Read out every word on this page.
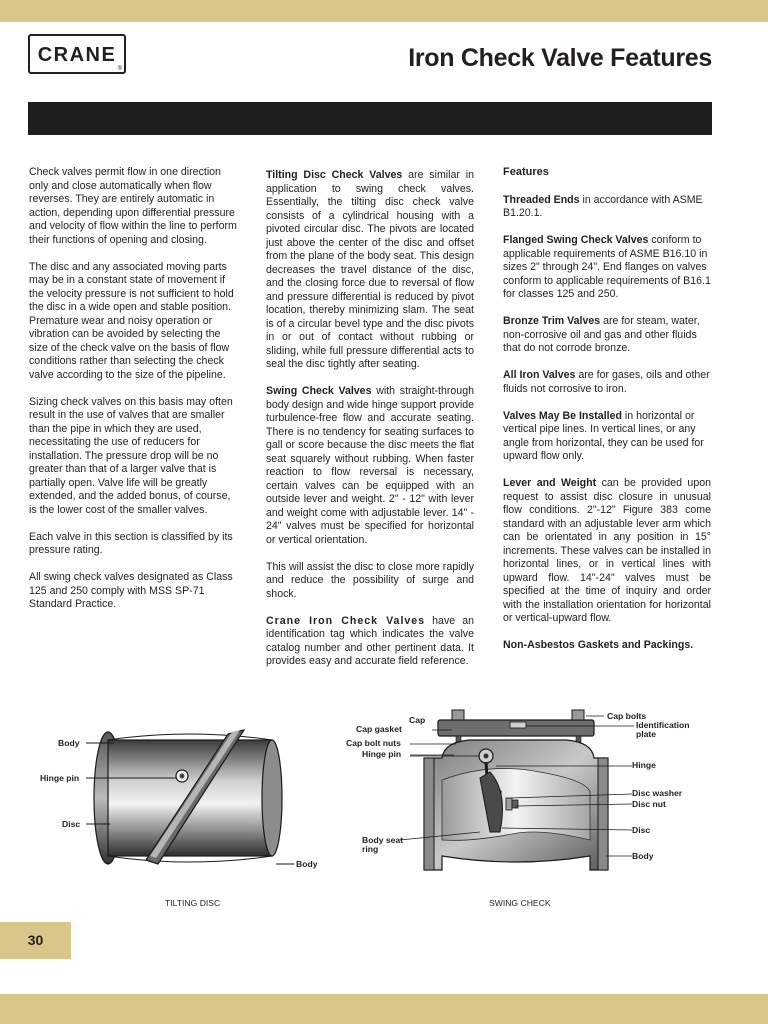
CRANE
®	Iron Check Valve Features

Check valves permit flow in one direction only and close automatically when flow reverses. They are entirely automatic in action, depending upon differential pressure and velocity of flow within the line to perform their functions of opening and closing.

The disc and any associated moving parts may be in a constant state of movement if the velocity pressure is not sufficient to hold the disc in a wide open and stable position. Premature wear and noisy operation or vibration can be avoided by selecting the size of the check valve on the basis of flow conditions rather than selecting the check valve according to the size of the pipeline.

Sizing check valves on this basis may often result in the use of valves that are smaller than the pipe in which they are used, necessitating the use of reducers for installation. The pressure drop will be no greater than that of a larger valve that is partially open. Valve life will be greatly extended, and the added bonus, of course, is the lower cost of the smaller valves.

Each valve in this section is classified by its pressure rating.

All swing check valves designated as Class 125 and 250 comply with MSS SP-71 Standard Practice.

Tilting Disc Check Valves are similar in application to swing check valves. Essentially, the tilting disc check valve consists of a cylindrical housing with a pivoted circular disc. The pivots are located just above the center of the disc and offset from the plane of the body seat. This design decreases the travel distance of the disc, and the closing force due to reversal of flow and pressure differential is reduced by pivot location, thereby minimizing slam. The seat is of a circular bevel type and the disc pivots in or out of contact without rubbing or sliding, while full pressure differential acts to seal the disc tightly after seating.

Swing Check Valves with straight-through body design and wide hinge support provide turbulence-free flow and accurate seating. There is no tendency for seating surfaces to gall or score because the disc meets the flat seat squarely without rubbing. When faster reaction to flow reversal is necessary, certain valves can be equipped with an outside lever and weight. 2" - 12" with lever and weight come with adjustable lever. 14" - 24" valves must be specified for horizontal or vertical orientation.

This will assist the disc to close more rapidly and reduce the possibility of surge and shock.

Crane Iron Check Valves have an identification tag which indicates the valve catalog number and other pertinent data. It provides easy and accurate field reference.

Features

Threaded Ends in accordance with ASME B1.20.1.

Flanged Swing Check Valves conform to applicable requirements of ASME B16.10 in sizes 2" through 24". End flanges on valves conform to applicable requirements of B16.1 for classes 125 and 250.

Bronze Trim Valves are for steam, water, non-corrosive oil and gas and other fluids that do not corrode bronze.

All Iron Valves are for gases, oils and other fluids not corrosive to iron.

Valves May Be Installed in horizontal or vertical pipe lines. In vertical lines, or any angle from horizontal, they can be used for upward flow only.

Lever and Weight can be provided upon request to assist disc closure in unusual flow conditions. 2"-12" Figure 383 come standard with an adjustable lever arm which can be orientated in any position in 15° increments. These valves can be installed in horizontal lines, or in vertical lines with upward flow. 14"-24" valves must be specified at the time of inquiry and order with the installation orientation for horizontal or vertical-upward flow.

Non-Asbestos Gaskets and Packings.

Body
Hinge pin
Disc
Body
TILTING DISC
Cap
Cap gasket
Cap bolt nuts
Hinge pin
Body seat
ring
Cap bolts
Identification
plate
Hinge
Disc washer
Disc nut
Disc
Body
SWING CHECK
30
